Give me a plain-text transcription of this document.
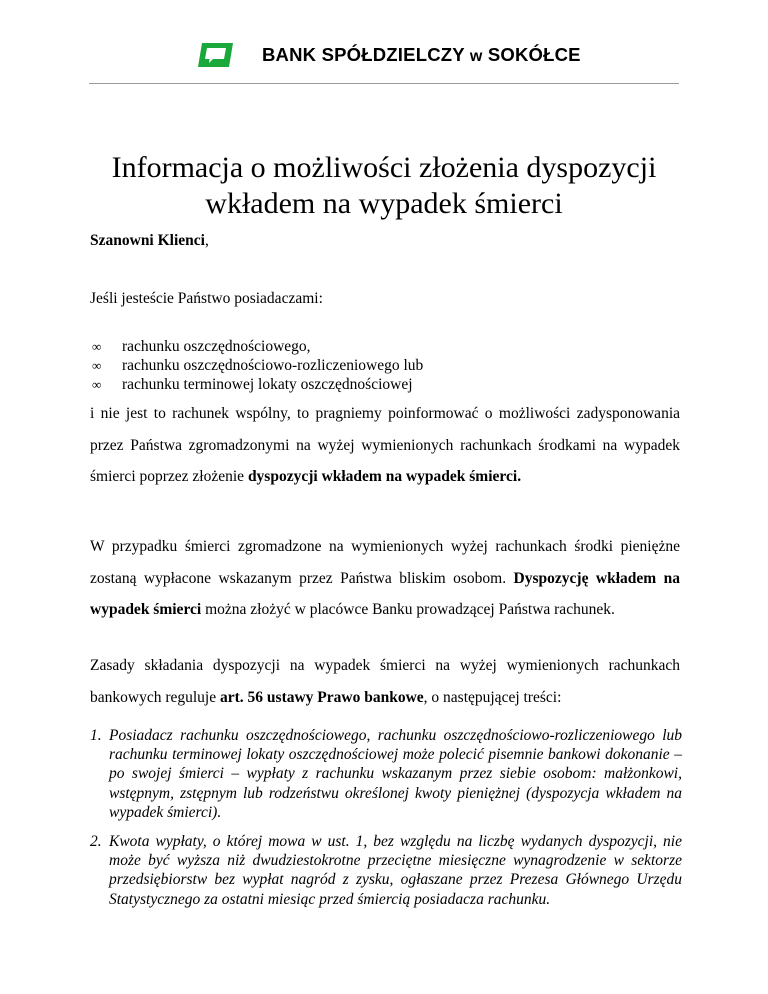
BANK SPÓŁDZIELCZY w SOKÓŁCE
Informacja o możliwości złożenia dyspozycji
wkładem na wypadek śmierci
Szanowni Klienci,
Jeśli jesteście Państwo posiadaczami:
∞	rachunku oszczędnościowego,
∞	rachunku oszczędnościowo-rozliczeniowego lub
∞	rachunku terminowej lokaty oszczędnościowej

i nie jest to rachunek wspólny, to pragniemy poinformować o możliwości zadysponowania przez Państwa zgromadzonymi na wyżej wymienionych rachunkach środkami na wypadek śmierci poprzez złożenie dyspozycji wkładem na wypadek śmierci.

W przypadku śmierci zgromadzone na wymienionych wyżej rachunkach środki pieniężne zostaną wypłacone wskazanym przez Państwa bliskim osobom. Dyspozycję wkładem na wypadek śmierci można złożyć w placówce Banku prowadzącej Państwa rachunek.

Zasady składania dyspozycji na wypadek śmierci na wyżej wymienionych rachunkach bankowych reguluje art. 56 ustawy Prawo bankowe, o następującej treści:

1. Posiadacz rachunku oszczędnościowego, rachunku oszczędnościowo-rozliczeniowego lub rachunku terminowej lokaty oszczędnościowej może polecić pisemnie bankowi dokonanie – po swojej śmierci – wypłaty z rachunku wskazanym przez siebie osobom: małżonkowi, wstępnym, zstępnym lub rodzeństwu określonej kwoty pieniężnej (dyspozycja wkładem na wypadek śmierci).
2. Kwota wypłaty, o której mowa w ust. 1, bez względu na liczbę wydanych dyspozycji, nie może być wyższa niż dwudziestokrotne przeciętne miesięczne wynagrodzenie w sektorze przedsiębiorstw bez wypłat nagród z zysku, ogłaszane przez Prezesa Głównego Urzędu Statystycznego za ostatni miesiąc przed śmiercią posiadacza rachunku.
